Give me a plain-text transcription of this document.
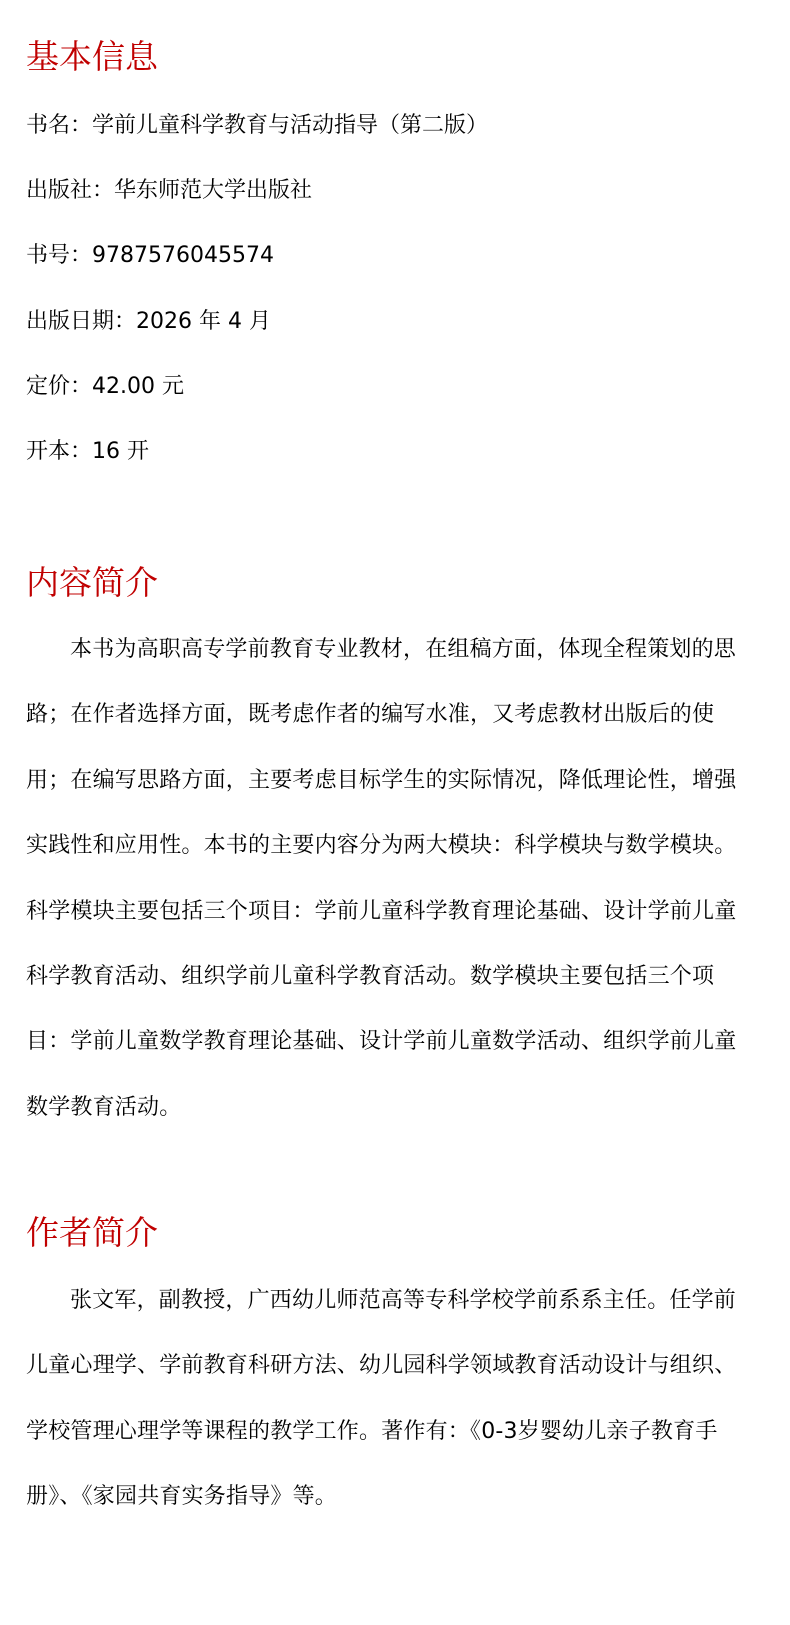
基本信息

书名：学前儿童科学教育与活动指导（第二版）

出版社：华东师范大学出版社

书号：9787576045574

出版日期：2026 年 4 月

定价：42.00 元

开本：16 开

内容简介

本书为高职高专学前教育专业教材，在组稿方面，体现全程策划的思路；在作者选择方面，既考虑作者的编写水准，又考虑教材出版后的使用；在编写思路方面，主要考虑目标学生的实际情况，降低理论性，增强实践性和应用性。本书的主要内容分为两大模块：科学模块与数学模块。科学模块主要包括三个项目：学前儿童科学教育理论基础、设计学前儿童科学教育活动、组织学前儿童科学教育活动。数学模块主要包括三个项目：学前儿童数学教育理论基础、设计学前儿童数学活动、组织学前儿童数学教育活动。

作者简介

张文军，副教授，广西幼儿师范高等专科学校学前系系主任。任学前儿童心理学、学前教育科研方法、幼儿园科学领域教育活动设计与组织、学校管理心理学等课程的教学工作。著作有：《0-3岁婴幼儿亲子教育手册》、《家园共育实务指导》等。
